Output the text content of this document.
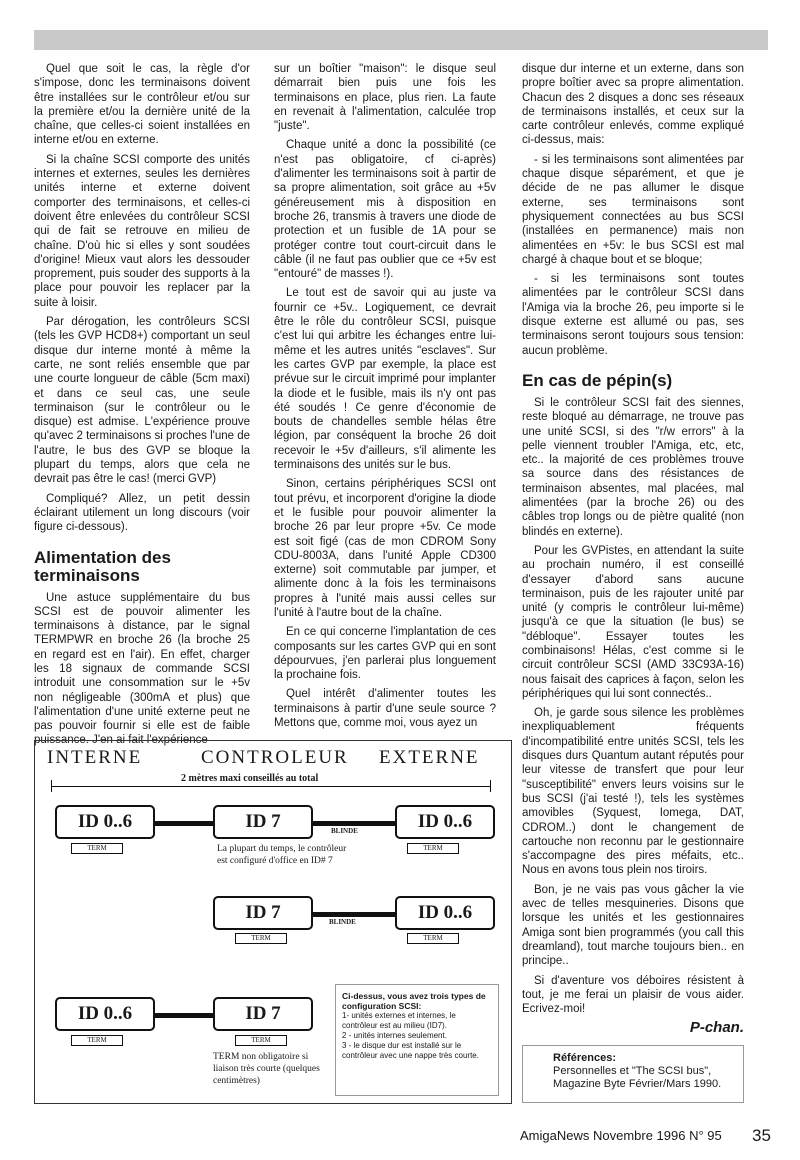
Quel que soit le cas, la règle d'or s'impose, donc les terminaisons doivent être installées sur le contrôleur et/ou sur la première et/ou la dernière unité de la chaîne, que celles-ci soient installées en interne et/ou en externe.

Si la chaîne SCSI comporte des unités internes et externes, seules les dernières unités interne et externe doivent comporter des terminaisons, et celles-ci doivent être enlevées du contrôleur SCSI qui de fait se retrouve en milieu de chaîne. D'où hic si elles y sont soudées d'origine! Mieux vaut alors les dessouder proprement, puis souder des supports à la place pour pouvoir les replacer par la suite à loisir.

Par dérogation, les contrôleurs SCSI (tels les GVP HCD8+) comportant un seul disque dur interne monté à même la carte, ne sont reliés ensemble que par une courte longueur de câble (5cm maxi) et dans ce seul cas, une seule terminaison (sur le contrôleur ou le disque) est admise. L'expérience prouve qu'avec 2 terminaisons si proches l'une de l'autre, le bus des GVP se bloque la plupart du temps, alors que cela ne devrait pas être le cas! (merci GVP)

Compliqué? Allez, un petit dessin éclairant utilement un long discours (voir figure ci-dessous).

Alimentation des terminaisons

Une astuce supplémentaire du bus SCSI est de pouvoir alimenter les terminaisons à distance, par le signal TERMPWR en broche 26 (la broche 25 en regard est en l'air). En effet, charger les 18 signaux de commande SCSI introduit une consommation sur le +5v non négligeable (300mA et plus) que l'alimentation d'une unité externe peut ne pas pouvoir fournir si elle est de faible puissance. J'en ai fait l'expérience

sur un boîtier "maison": le disque seul démarrait bien puis une fois les terminaisons en place, plus rien. La faute en revenait à l'alimentation, calculée trop "juste".

Chaque unité a donc la possibilité (ce n'est pas obligatoire, cf ci-après) d'alimenter les terminaisons soit à partir de sa propre alimentation, soit grâce au +5v généreusement mis à disposition en broche 26, transmis à travers une diode de protection et un fusible de 1A pour se protéger contre tout court-circuit dans le câble (il ne faut pas oublier que ce +5v est "entouré" de masses !).

Le tout est de savoir qui au juste va fournir ce +5v.. Logiquement, ce devrait être le rôle du contrôleur SCSI, puisque c'est lui qui arbitre les échanges entre lui-même et les autres unités "esclaves". Sur les cartes GVP par exemple, la place est prévue sur le circuit imprimé pour implanter la diode et le fusible, mais ils n'y ont pas été soudés ! Ce genre d'économie de bouts de chandelles semble hélas être légion, par conséquent la broche 26 doit recevoir le +5v d'ailleurs, s'il alimente les terminaisons des unités sur le bus.

Sinon, certains périphériques SCSI ont tout prévu, et incorporent d'origine la diode et le fusible pour pouvoir alimenter la broche 26 par leur propre +5v. Ce mode est soit figé (cas de mon CDROM Sony CDU-8003A, dans l'unité Apple CD300 externe) soit commutable par jumper, et alimente donc à la fois les terminaisons propres à l'unité mais aussi celles sur l'unité à l'autre bout de la chaîne.

En ce qui concerne l'implantation de ces composants sur les cartes GVP qui en sont dépourvues, j'en parlerai plus longuement la prochaine fois.

Quel intérêt d'alimenter toutes les terminaisons à partir d'une seule source ? Mettons que, comme moi, vous ayez un

disque dur interne et un externe, dans son propre boîtier avec sa propre alimentation. Chacun des 2 disques a donc ses réseaux de terminaisons installés, et ceux sur la carte contrôleur enlevés, comme expliqué ci-dessus, mais:

- si les terminaisons sont alimentées par chaque disque séparément, et que je décide de ne pas allumer le disque externe, ses terminaisons sont physiquement connectées au bus SCSI (installées en permanence) mais non alimentées en +5v: le bus SCSI est mal chargé à chaque bout et se bloque;

- si les terminaisons sont toutes alimentées par le contrôleur SCSI dans l'Amiga via la broche 26, peu importe si le disque externe est allumé ou pas, ses terminaisons seront toujours sous tension: aucun problème.

En cas de pépin(s)

Si le contrôleur SCSI fait des siennes, reste bloqué au démarrage, ne trouve pas une unité SCSI, si des "r/w errors" à la pelle viennent troubler l'Amiga, etc, etc, etc.. la majorité de ces problèmes trouve sa source dans des résistances de terminaison absentes, mal placées, mal alimentées (par la broche 26) ou des câbles trop longs ou de piètre qualité (non blindés en externe).

Pour les GVPistes, en attendant la suite au prochain numéro, il est conseillé d'essayer d'abord sans aucune terminaison, puis de les rajouter unité par unité (y compris le contrôleur lui-même) jusqu'à ce que la situation (le bus) se "débloque". Essayer toutes les combinaisons! Hélas, c'est comme si le circuit contrôleur SCSI (AMD 33C93A-16) nous faisait des caprices à façon, selon les périphériques qui lui sont connectés..

Oh, je garde sous silence les problèmes inexpliquablement fréquents d'incompatibilité entre unités SCSI, tels les disques durs Quantum autant réputés pour leur vitesse de transfert que pour leur "susceptibilité" envers leurs voisins sur le bus SCSI (j'ai testé !), tels les systèmes amovibles (Syquest, Iomega, DAT, CDROM..) dont le changement de cartouche non reconnu par le gestionnaire s'accompagne des pires méfaits, etc.. Nous en avons tous plein nos tiroirs.

Bon, je ne vais pas vous gâcher la vie avec de telles mesquineries. Disons que lorsque les unités et les gestionnaires Amiga sont bien programmés (you call this dreamland), tout marche toujours bien.. en principe..

Si d'aventure vos déboires résistent à tout, je me ferai un plaisir de vous aider. Ecrivez-moi!

P-chan.
INTERNE	CONTROLEUR EXTERNE
2 mètres maxi conseillés au total
ID 0..6	ID 7	ID 0..6
BLINDE
TERM	TERM
La plupart du temps, le contrôleur est configuré d'office en ID# 7
ID 7	ID 0..6
BLINDE
TERM	TERM
ID 0..6	ID 7
TERM	TERM
TERM non obligatoire si liaison très courte (quelques centimètres)
Ci-dessus, vous avez trois types de configuration SCSI:
1- unités externes et internes, le contrôleur est au milieu (ID7).
2 - unités internes seulement.
3 - le disque dur est installé sur le contrôleur avec une nappe très courte.	Références:
Personnelles et "The SCSI bus", Magazine Byte Février/Mars 1990.
AmigaNews Novembre 1996 N° 95 35
